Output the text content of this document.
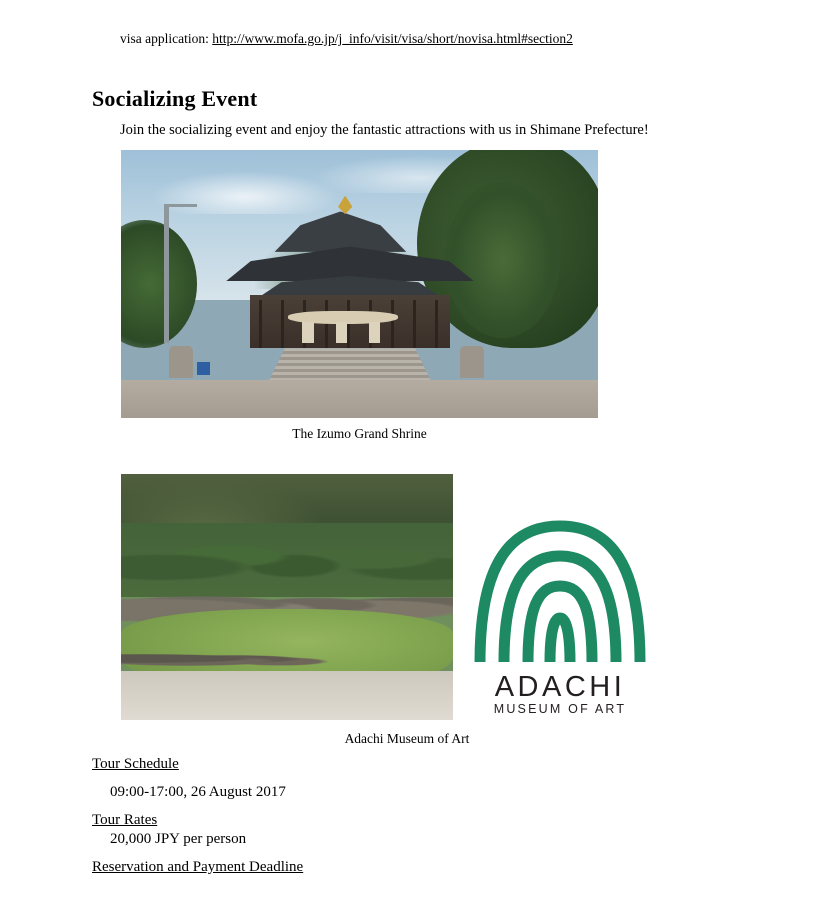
visa application: http://www.mofa.go.jp/j_info/visit/visa/short/novisa.html#section2
Socializing Event
Join the socializing event and enjoy the fantastic attractions with us in Shimane Prefecture!
The Izumo Grand Shrine
ADACHI
MUSEUM OF ART
Adachi Museum of Art
Tour Schedule
09:00-17:00, 26 August 2017
Tour Rates
20,000 JPY per person
Reservation and Payment Deadline
